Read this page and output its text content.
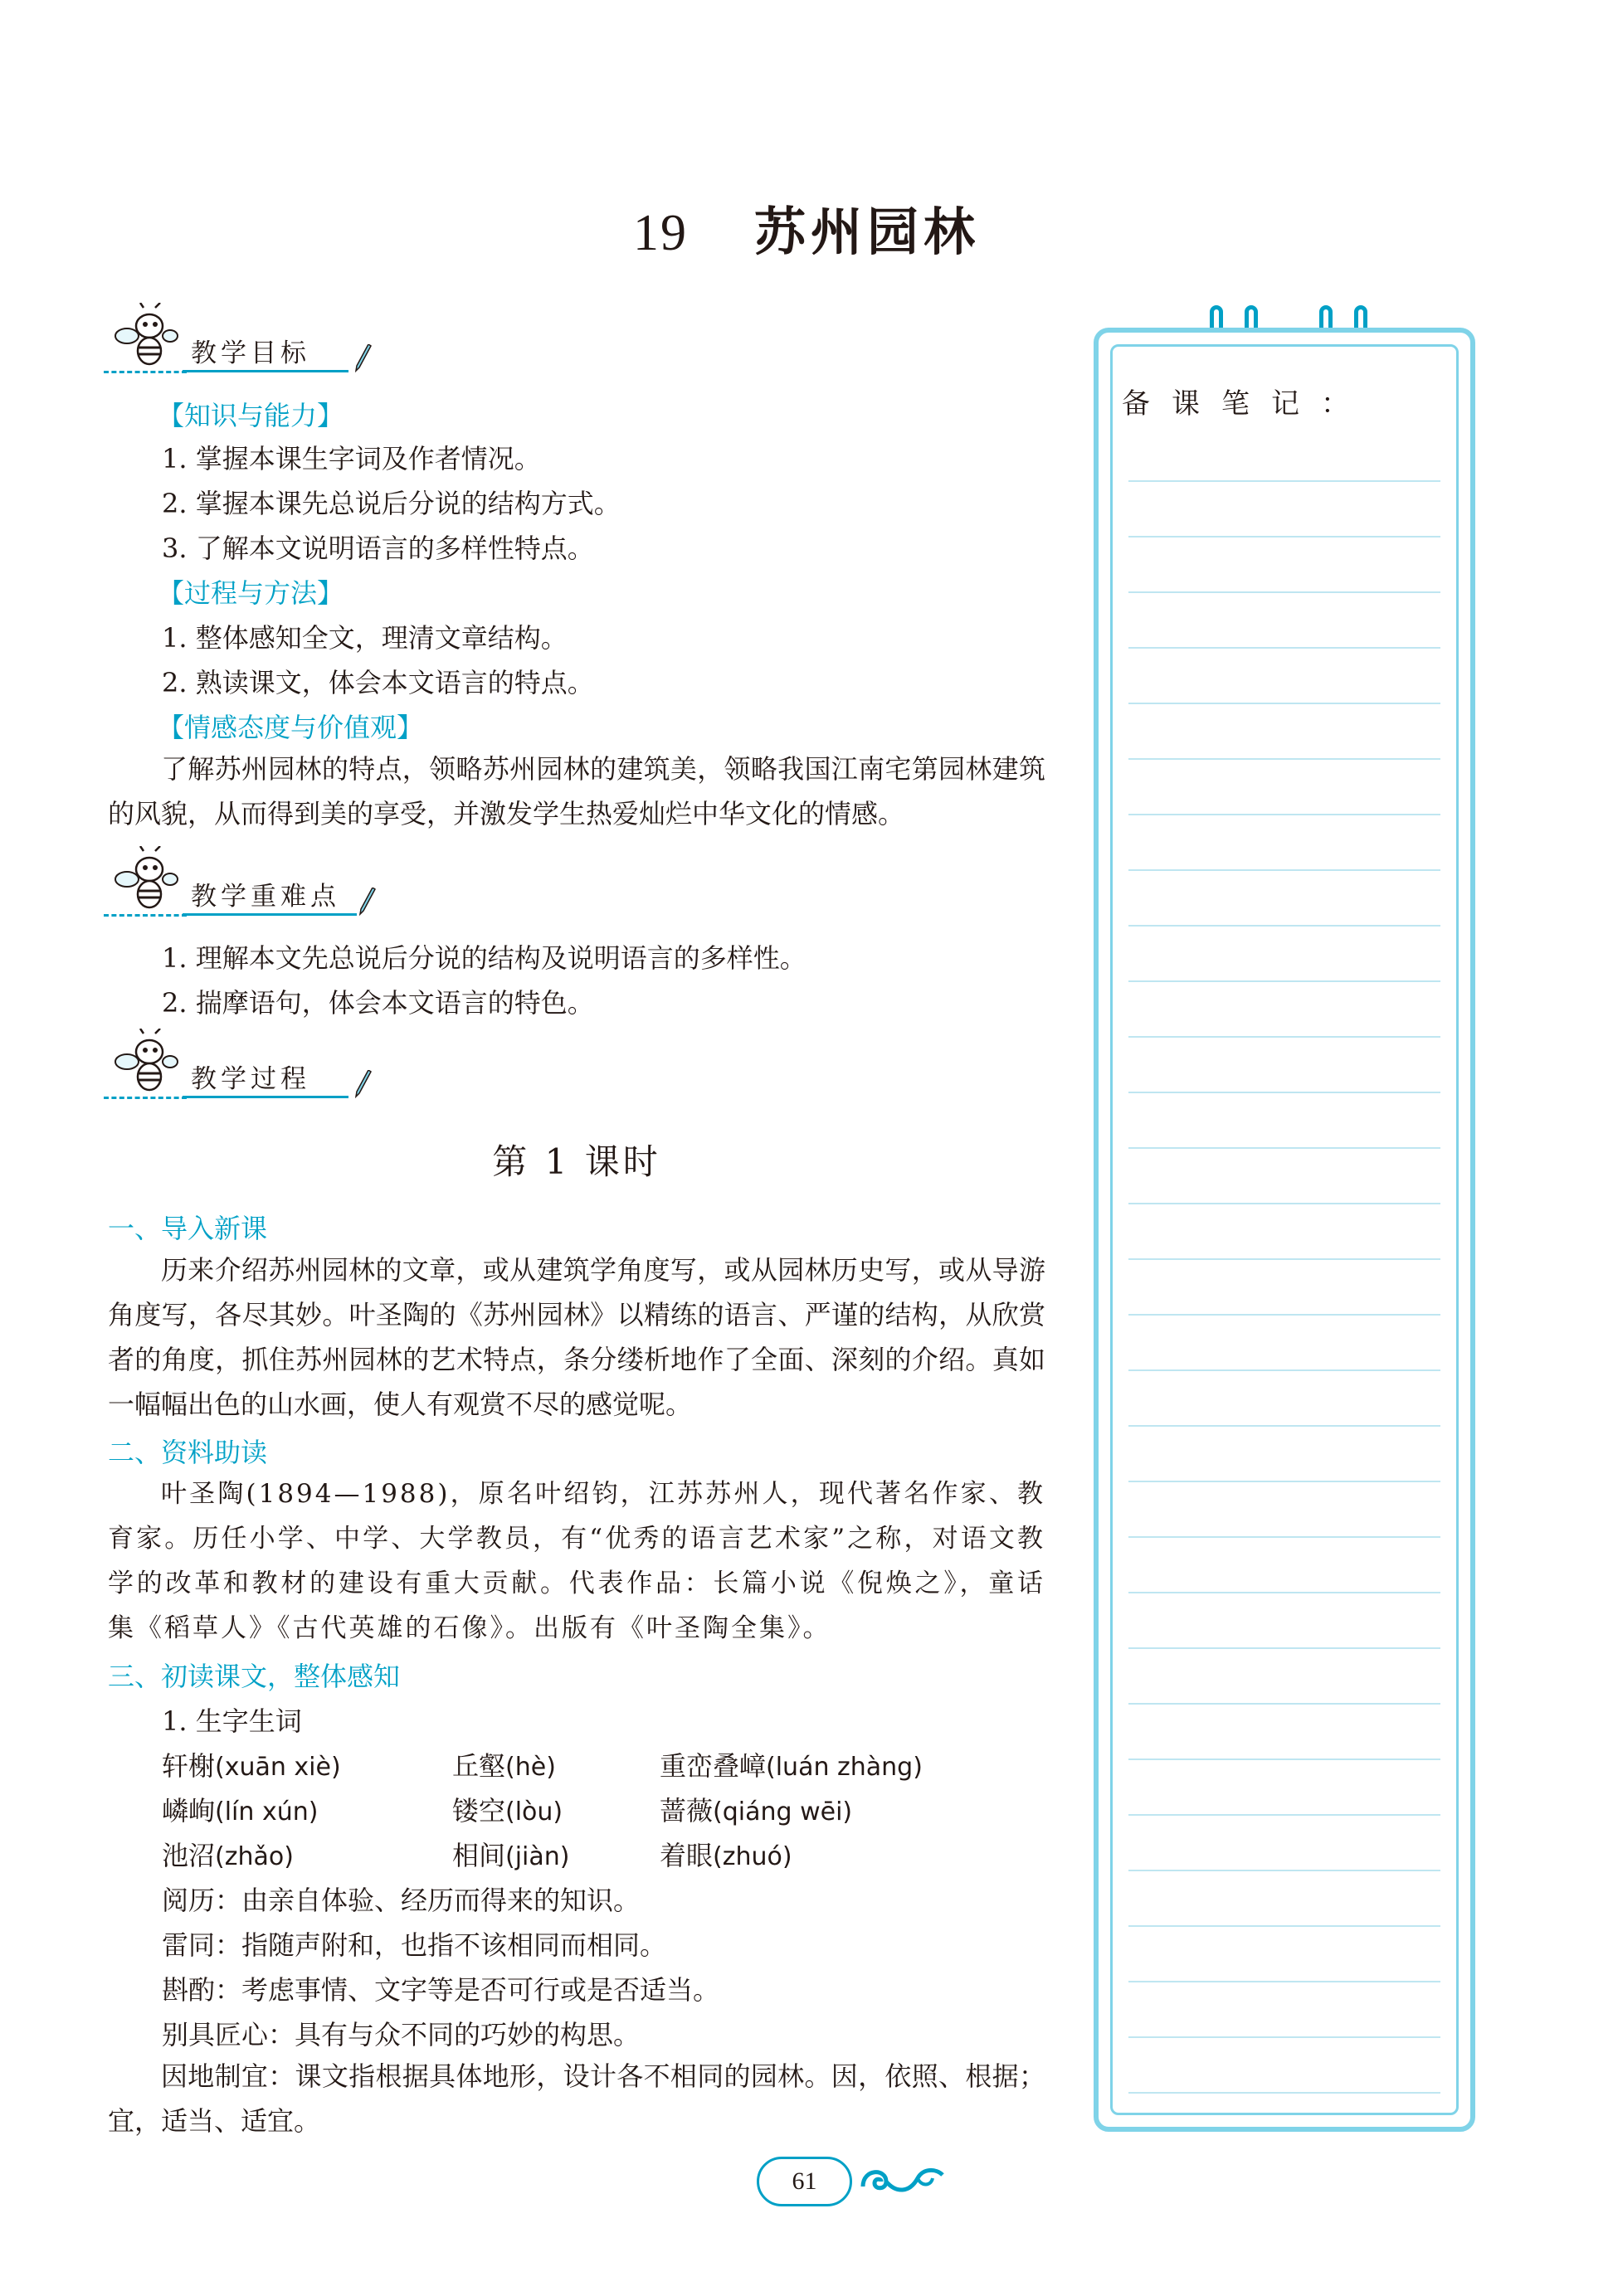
19 苏州园林
教学目标
【知识与能力】
1. 掌握本课生字词及作者情况。
2. 掌握本课先总说后分说的结构方式。
3. 了解本文说明语言的多样性特点。
【过程与方法】
1. 整体感知全文，理清文章结构。
2. 熟读课文，体会本文语言的特点。
【情感态度与价值观】

了解苏州园林的特点，领略苏州园林的建筑美，领略我国江南宅第园林建筑的风貌，从而得到美的享受，并激发学生热爱灿烂中华文化的情感。

教学重难点
1. 理解本文先总说后分说的结构及说明语言的多样性。
2. 揣摩语句，体会本文语言的特色。
教学过程
第 1 课时
一、导入新课

历来介绍苏州园林的文章，或从建筑学角度写，或从园林历史写，或从导游角度写，各尽其妙。叶圣陶的《苏州园林》以精练的语言、严谨的结构，从欣赏者的角度，抓住苏州园林的艺术特点，条分缕析地作了全面、深刻的介绍。真如一幅幅出色的山水画，使人有观赏不尽的感觉呢。

二、资料助读

叶圣陶(1894—1988)，原名叶绍钧，江苏苏州人，现代著名作家、教育家。历任小学、中学、大学教员，有“优秀的语言艺术家”之称，对语文教学的改革和教材的建设有重大贡献。代表作品：长篇小说《倪焕之》，童话集《稻草人》《古代英雄的石像》。出版有《叶圣陶全集》。

三、初读课文，整体感知
1. 生字生词
轩榭(xuān xiè)	丘壑(hè)	重峦叠嶂(luán zhàng)
嶙峋(lín xún)	镂空(lòu)	蔷薇(qiáng wēi)
池沼(zhǎo)	相间(jiàn)	着眼(zhuó)
阅历：由亲自体验、经历而得来的知识。
雷同：指随声附和，也指不该相同而相同。
斟酌：考虑事情、文字等是否可行或是否适当。
别具匠心：具有与众不同的巧妙的构思。

因地制宜：课文指根据具体地形，设计各不相同的园林。因，依照、根据；宜，适当、适宜。

备课笔记：
61
